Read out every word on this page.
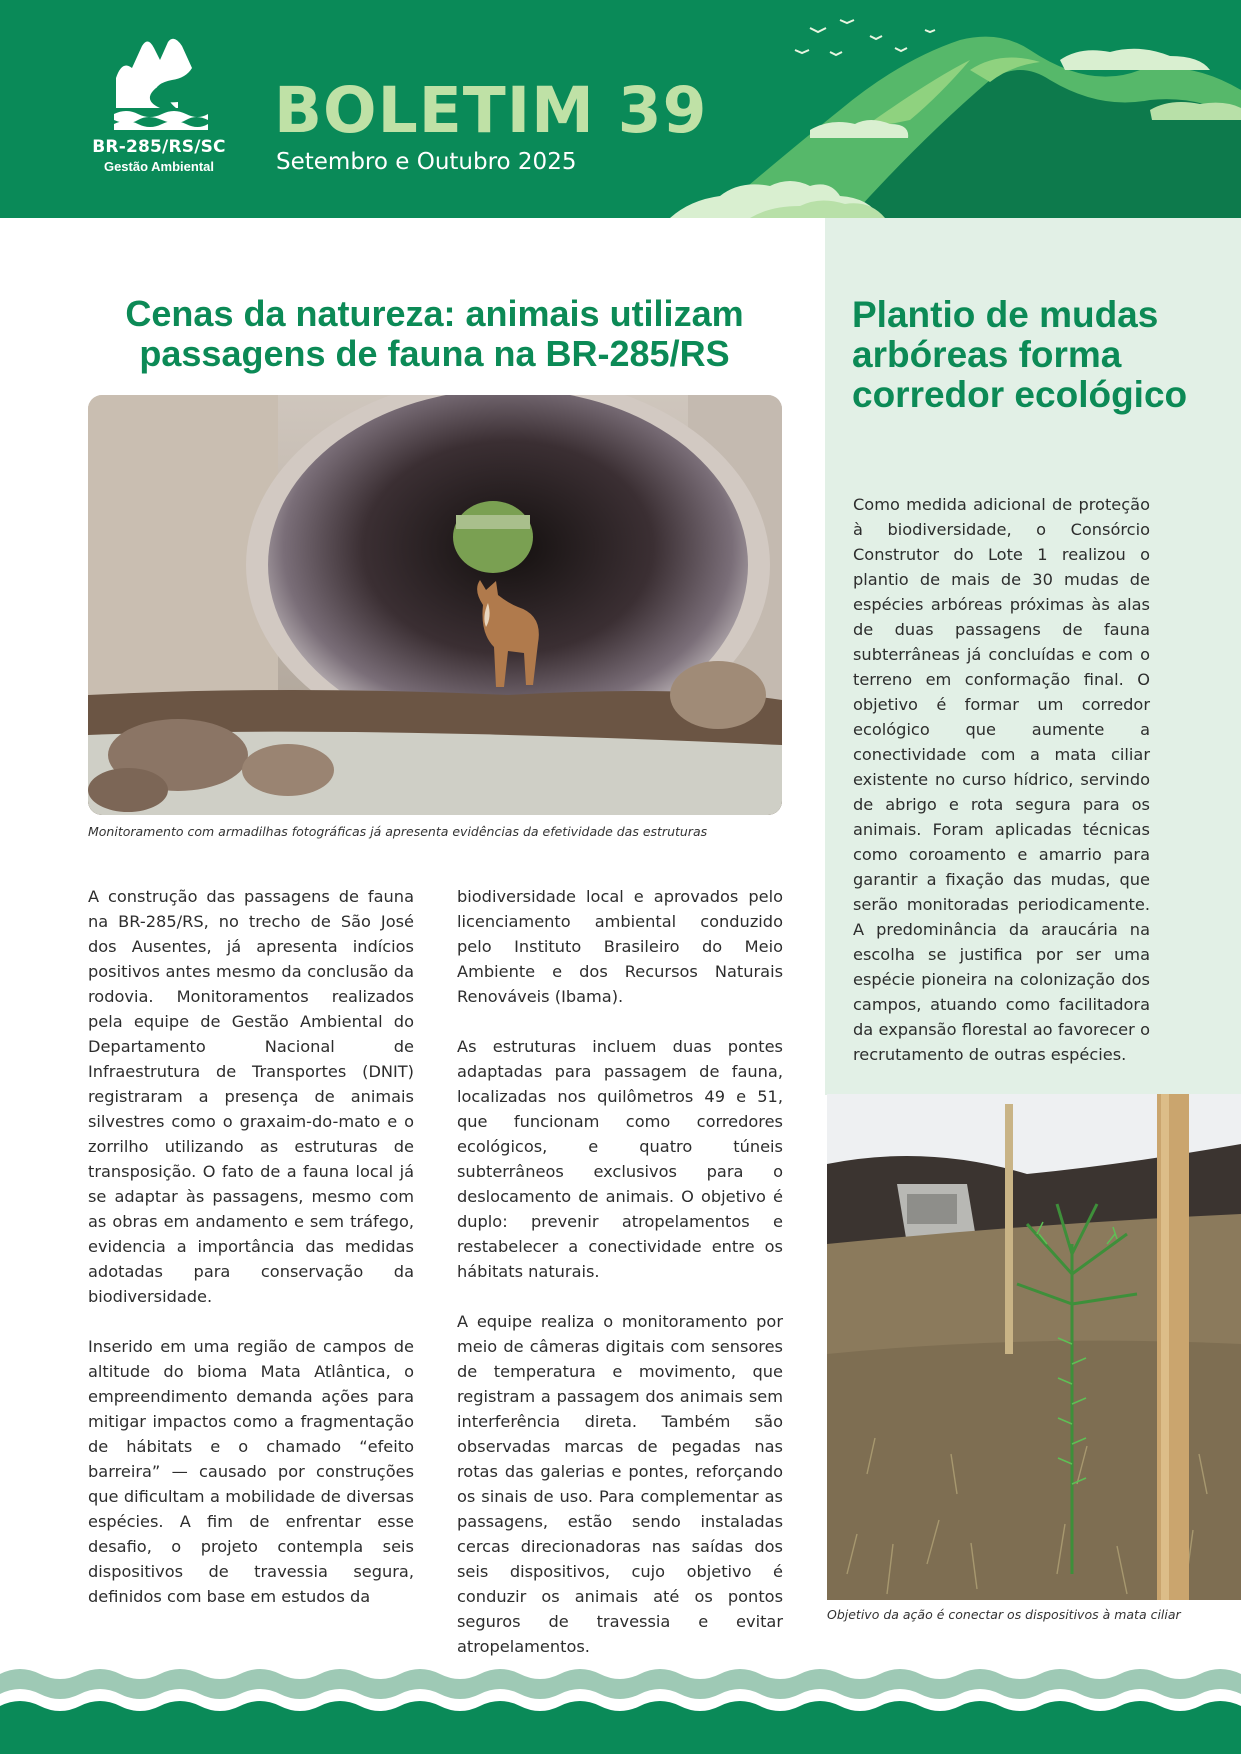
BR-285/RS/SC
Gestão Ambiental
BOLETIM 39
Setembro e Outubro 2025
Cenas da natureza: animais utilizam passagens de fauna na BR-285/RS

Monitoramento com armadilhas fotográficas já apresenta evidências da efetividade das estruturas

A construção das passagens de fauna na BR-285/RS, no trecho de São José dos Ausentes, já apresenta indícios positivos antes mesmo da conclusão da rodovia. Monitoramentos realizados pela equipe de Gestão Ambiental do Departamento Nacional de Infraestrutura de Transportes (DNIT) registraram a presença de animais silvestres como o graxaim-do-mato e o zorrilho utilizando as estruturas de transposição. O fato de a fauna local já se adaptar às passagens, mesmo com as obras em andamento e sem tráfego, evidencia a importância das medidas adotadas para conservação da biodiversidade.

Inserido em uma região de campos de altitude do bioma Mata Atlântica, o empreendimento demanda ações para mitigar impactos como a fragmentação de hábitats e o chamado “efeito barreira” — causado por construções que dificultam a mobilidade de diversas espécies. A fim de enfrentar esse desafio, o projeto contempla seis dispositivos de travessia segura, definidos com base em estudos da

biodiversidade local e aprovados pelo licenciamento ambiental conduzido pelo Instituto Brasileiro do Meio Ambiente e dos Recursos Naturais Renováveis (Ibama).

As estruturas incluem duas pontes adaptadas para passagem de fauna, localizadas nos quilômetros 49 e 51, que funcionam como corredores ecológicos, e quatro túneis subterrâneos exclusivos para o deslocamento de animais. O objetivo é duplo: prevenir atropelamentos e restabelecer a conectividade entre os hábitats naturais.

A equipe realiza o monitoramento por meio de câmeras digitais com sensores de temperatura e movimento, que registram a passagem dos animais sem interferência direta. Também são observadas marcas de pegadas nas rotas das galerias e pontes, reforçando os sinais de uso. Para complementar as passagens, estão sendo instaladas cercas direcionadoras nas saídas dos seis dispositivos, cujo objetivo é conduzir os animais até os pontos seguros de travessia e evitar atropelamentos.

Plantio de mudas arbóreas forma corredor ecológico

Como medida adicional de proteção à biodiversidade, o Consórcio Construtor do Lote 1 realizou o plantio de mais de 30 mudas de espécies arbóreas próximas às alas de duas passagens de fauna subterrâneas já concluídas e com o terreno em conformação final. O objetivo é formar um corredor ecológico que aumente a conectividade com a mata ciliar existente no curso hídrico, servindo de abrigo e rota segura para os animais. Foram aplicadas técnicas como coroamento e amarrio para garantir a fixação das mudas, que serão monitoradas periodicamente. A predominância da araucária na escolha se justifica por ser uma espécie pioneira na colonização dos campos, atuando como facilitadora da expansão florestal ao favorecer o recrutamento de outras espécies.

Objetivo da ação é conectar os dispositivos à mata ciliar
